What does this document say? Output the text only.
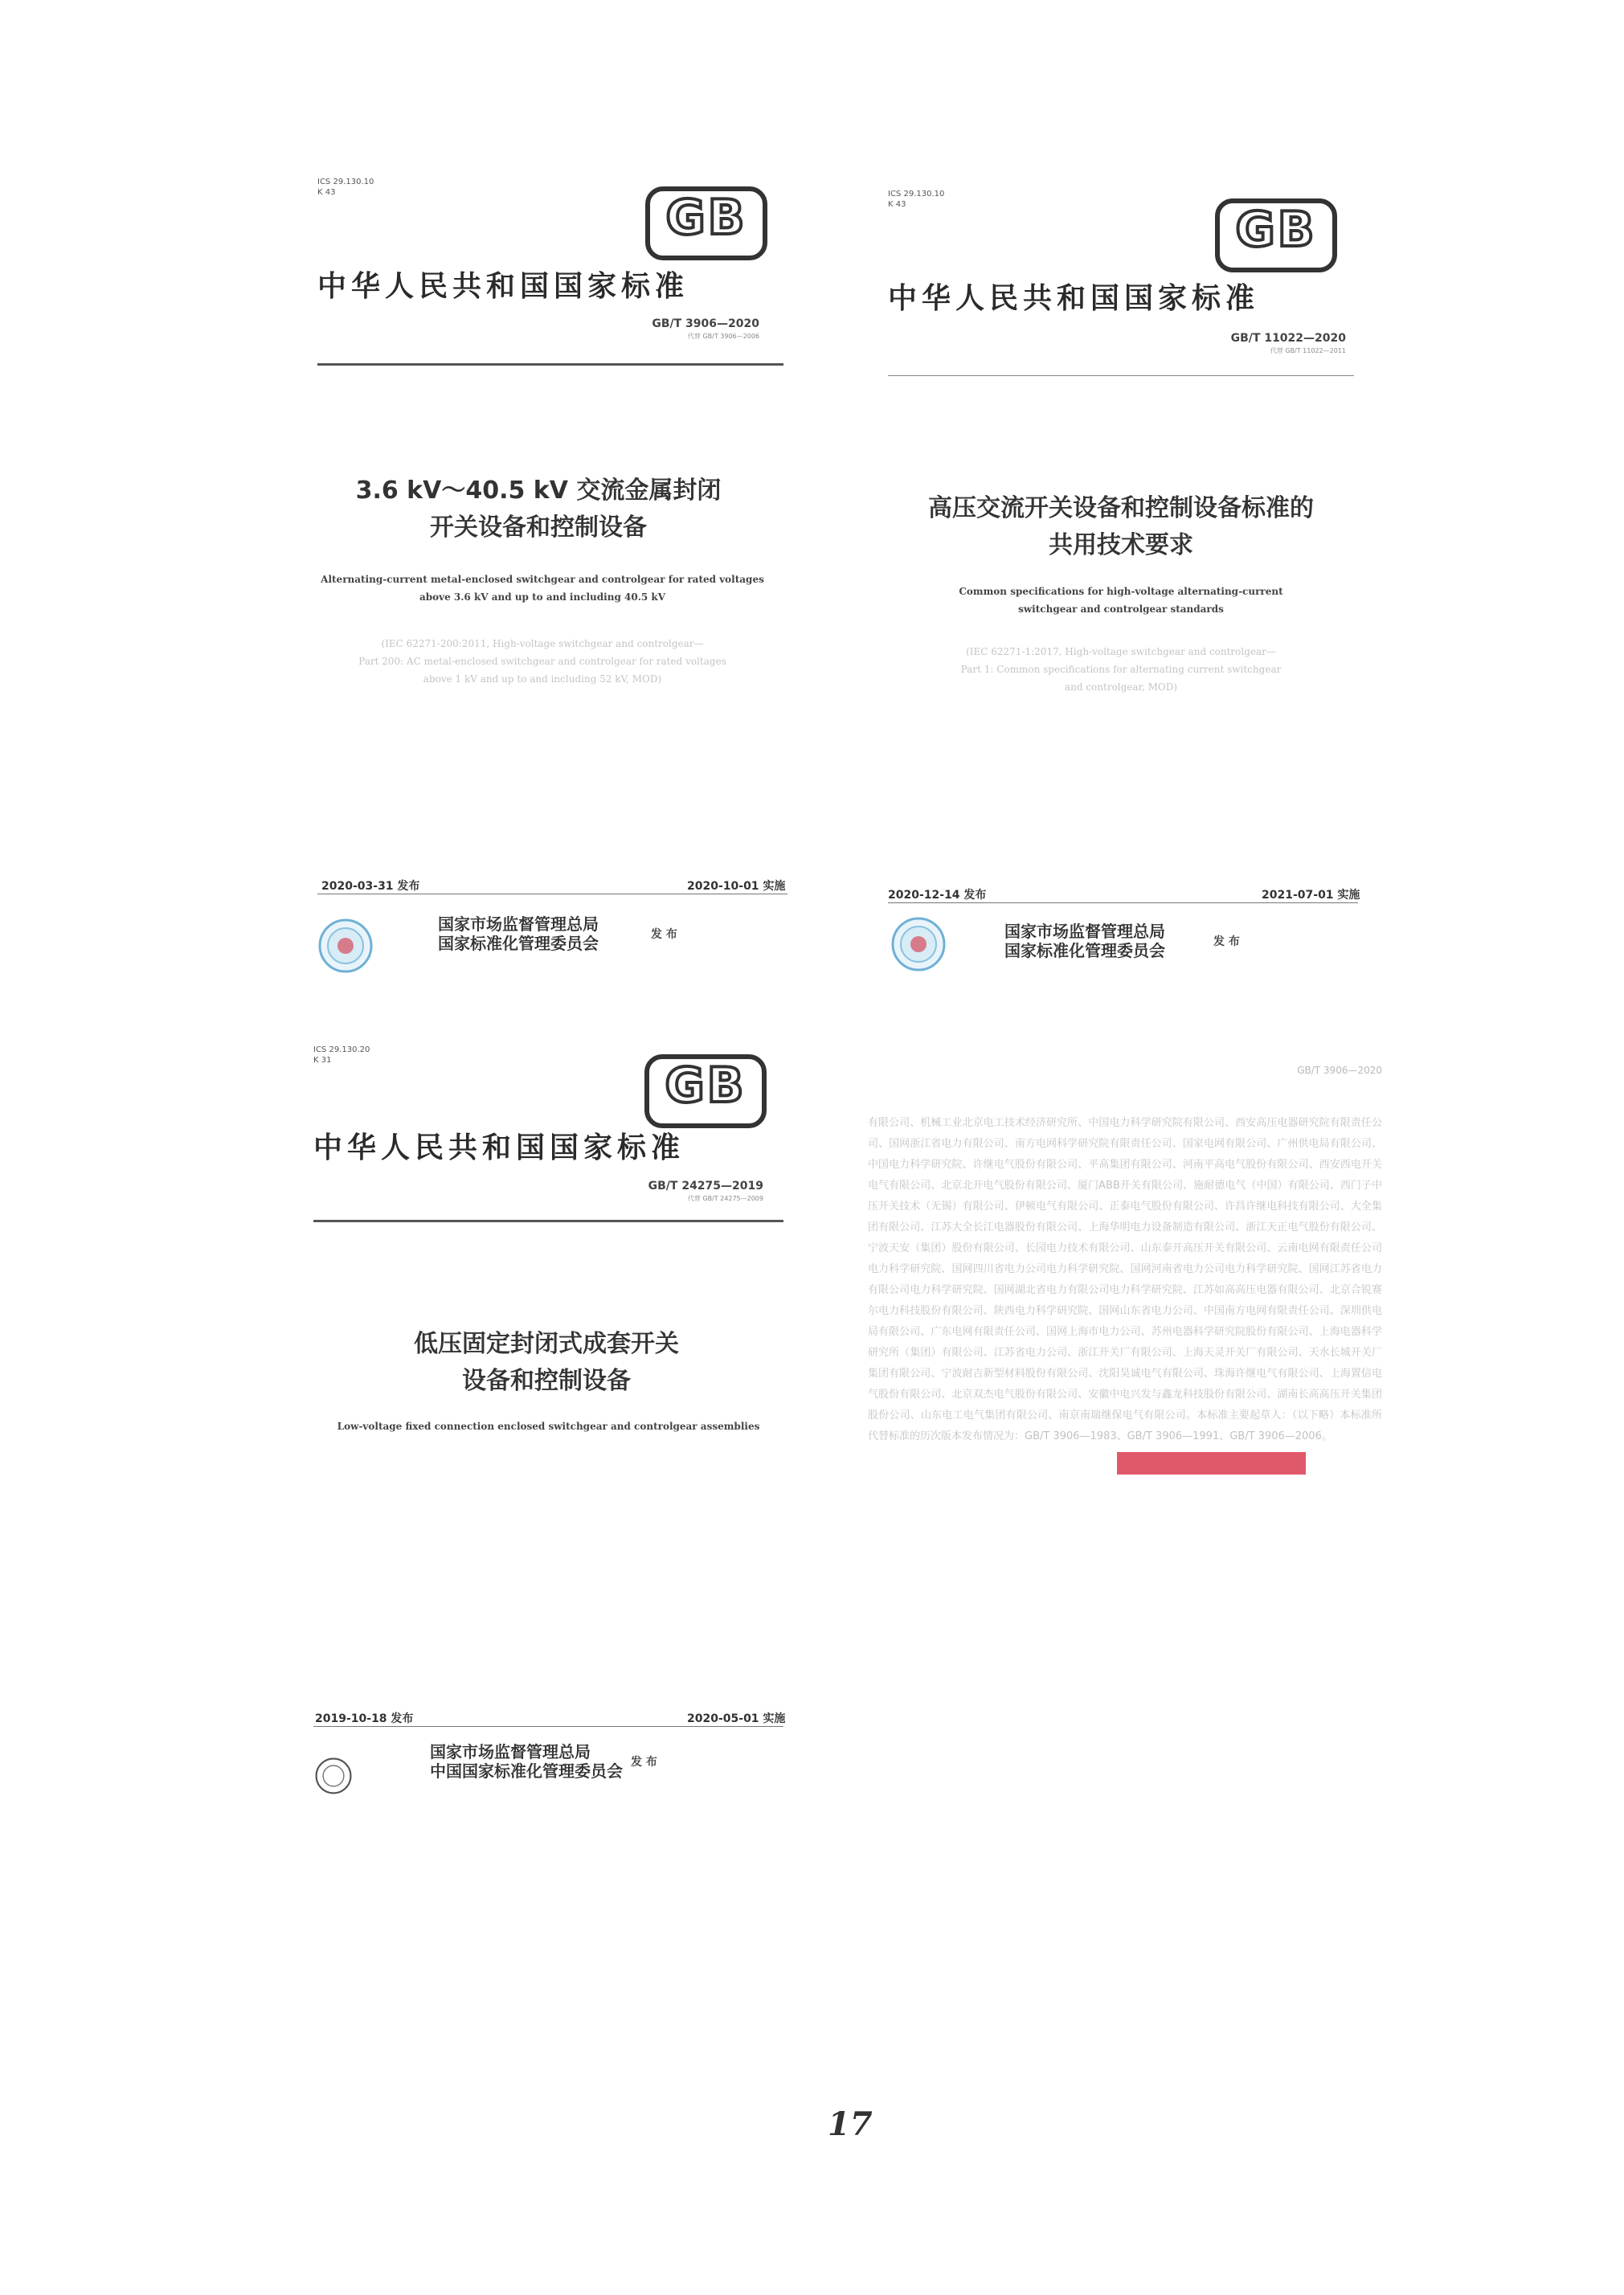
ICS 29.130.10
K 43	GB
中华人民共和国国家标准
GB/T 3906—2020
代替 GB/T 3906—2006
3.6 kV～40.5 kV 交流金属封闭
开关设备和控制设备
Alternating-current metal-enclosed switchgear and controlgear for rated voltages
above 3.6 kV and up to and including 40.5 kV
(IEC 62271-200:2011, High-voltage switchgear and controlgear—
Part 200: AC metal-enclosed switchgear and controlgear for rated voltages
above 1 kV and up to and including 52 kV, MOD)
2020-03-31 发布	2020-10-01 实施
国家市场监督管理总局
国家标准化管理委员会	发 布
ICS 29.130.10
K 43	GB
中华人民共和国国家标准
GB/T 11022—2020
代替 GB/T 11022—2011
高压交流开关设备和控制设备标准的
共用技术要求
Common specifications for high-voltage alternating-current
switchgear and controlgear standards
(IEC 62271-1:2017, High-voltage switchgear and controlgear—
Part 1: Common specifications for alternating current switchgear
and controlgear, MOD)
2020-12-14 发布	2021-07-01 实施
国家市场监督管理总局
国家标准化管理委员会	发 布
ICS 29.130.20
K 31	GB
中华人民共和国国家标准
GB/T 24275—2019
代替 GB/T 24275—2009
低压固定封闭式成套开关
设备和控制设备
Low-voltage fixed connection enclosed switchgear and controlgear assemblies
2019-10-18 发布	2020-05-01 实施
国家市场监督管理总局
中国国家标准化管理委员会 发 布
GB/T 3906—2020
有限公司、机械工业北京电工技术经济研究所、中国电力科学研究院有限公司、西安高压电器研究院有限责任公司、国网浙江省电力有限公司、南方电网科学研究院有限责任公司、国家电网有限公司、广州供电局有限公司、中国电力科学研究院、许继电气股份有限公司、平高集团有限公司、河南平高电气股份有限公司、西安西电开关电气有限公司、北京北开电气股份有限公司、厦门ABB开关有限公司、施耐德电气（中国）有限公司、西门子中压开关技术（无锡）有限公司、伊顿电气有限公司、正泰电气股份有限公司、许昌许继电科技有限公司、大全集团有限公司、江苏大全长江电器股份有限公司、上海华明电力设备制造有限公司、浙江天正电气股份有限公司、宁波天安（集团）股份有限公司、长园电力技术有限公司、山东泰开高压开关有限公司、云南电网有限责任公司电力科学研究院、国网四川省电力公司电力科学研究院、国网河南省电力公司电力科学研究院、国网江苏省电力有限公司电力科学研究院、国网湖北省电力有限公司电力科学研究院、江苏如高高压电器有限公司、北京合锐赛尔电力科技股份有限公司、陕西电力科学研究院、国网山东省电力公司、中国南方电网有限责任公司、深圳供电局有限公司、广东电网有限责任公司、国网上海市电力公司、苏州电器科学研究院股份有限公司、上海电器科学研究所（集团）有限公司、江苏省电力公司、浙江开关厂有限公司、上海天灵开关厂有限公司、天水长城开关厂集团有限公司、宁波耐吉新型材料股份有限公司、沈阳昊诚电气有限公司、珠海许继电气有限公司、上海置信电气股份有限公司、北京双杰电气股份有限公司、安徽中电兴发与鑫龙科技股份有限公司、湖南长高高压开关集团股份公司、山东电工电气集团有限公司、南京南瑞继保电气有限公司。本标准主要起草人：（以下略）本标准所代替标准的历次版本发布情况为：GB/T 3906—1983、GB/T 3906—1991、GB/T 3906—2006。
17
